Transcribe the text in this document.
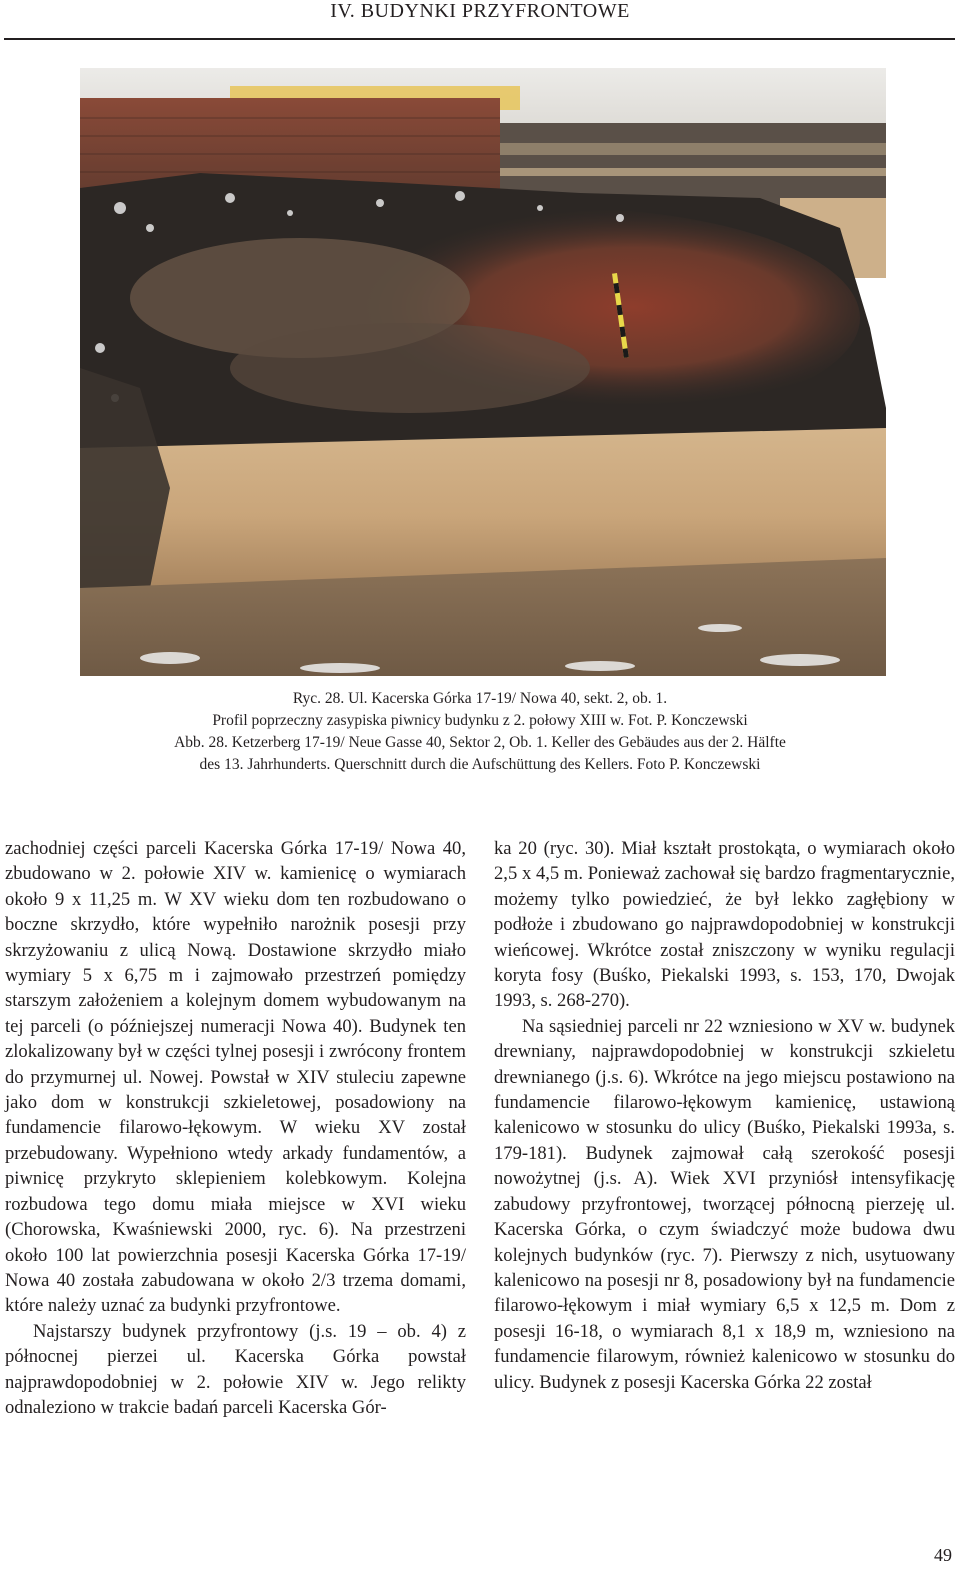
IV. BUDYNKI PRZYFRONTOWE
Ryc. 28. Ul. Kacerska Górka 17-19/ Nowa 40, sekt. 2, ob. 1.
Profil poprzeczny zasypiska piwnicy budynku z 2. połowy XIII w. Fot. P. Konczewski
Abb. 28. Ketzerberg 17-19/ Neue Gasse 40, Sektor 2, Ob. 1. Keller des Gebäudes aus der 2. Hälfte
des 13. Jahrhunderts. Querschnitt durch die Aufschüttung des Kellers. Foto P. Konczewski

zachodniej części parceli Kacerska Górka 17-19/ Nowa 40, zbudowano w 2. połowie XIV w. kamienicę o wymiarach około 9 x 11,25 m. W XV wieku dom ten rozbudowano o boczne skrzydło, które wypełniło narożnik posesji przy skrzyżowaniu z ulicą Nową. Dostawione skrzydło miało wymiary 5 x 6,75 m i zajmowało przestrzeń pomiędzy starszym założeniem a kolejnym domem wybudowanym na tej parceli (o późniejszej numeracji Nowa 40). Budynek ten zlokalizowany był w części tylnej posesji i zwrócony frontem do przymurnej ul. Nowej. Powstał w XIV stuleciu zapewne jako dom w konstrukcji szkieletowej, posadowiony na fundamencie filarowo-łękowym. W wieku XV został przebudowany. Wypełniono wtedy arkady fundamentów, a piwnicę przykryto sklepieniem kolebkowym. Kolejna rozbudowa tego domu miała miejsce w XVI wieku (Chorowska, Kwaśniewski 2000, ryc. 6). Na przestrzeni około 100 lat powierzchnia posesji Kacerska Górka 17-19/ Nowa 40 została zabudowana w około 2/3 trzema domami, które należy uznać za budynki przyfrontowe.

Najstarszy budynek przyfrontowy (j.s. 19 – ob. 4) z północnej pierzei ul. Kacerska Górka powstał najprawdopodobniej w 2. połowie XIV w. Jego relikty odnaleziono w trakcie badań parceli Kacerska Gór-

ka 20 (ryc. 30). Miał kształt prostokąta, o wymiarach około 2,5 x 4,5 m. Ponieważ zachował się bardzo fragmentarycznie, możemy tylko powiedzieć, że był lekko zagłębiony w podłoże i zbudowano go najprawdopodobniej w konstrukcji wieńcowej. Wkrótce został zniszczony w wyniku regulacji koryta fosy (Buśko, Piekalski 1993, s. 153, 170, Dwojak 1993, s. 268-270).

Na sąsiedniej parceli nr 22 wzniesiono w XV w. budynek drewniany, najprawdopodobniej w konstrukcji szkieletu drewnianego (j.s. 6). Wkrótce na jego miejscu postawiono na fundamencie filarowo-łękowym kamienicę, ustawioną kalenicowo w stosunku do ulicy (Buśko, Piekalski 1993a, s. 179-181). Budynek zajmował całą szerokość posesji nowożytnej (j.s. A). Wiek XVI przyniósł intensyfikację zabudowy przyfrontowej, tworzącej północną pierzeję ul. Kacerska Górka, o czym świadczyć może budowa dwu kolejnych budynków (ryc. 7). Pierwszy z nich, usytuowany kalenicowo na posesji nr 8, posadowiony był na fundamencie filarowo-łękowym i miał wymiary 6,5 x 12,5 m. Dom z posesji 16-18, o wymiarach 8,1 x 18,9 m, wzniesiono na fundamencie filarowym, również kalenicowo w stosunku do ulicy. Budynek z posesji Kacerska Górka 22 został

49
